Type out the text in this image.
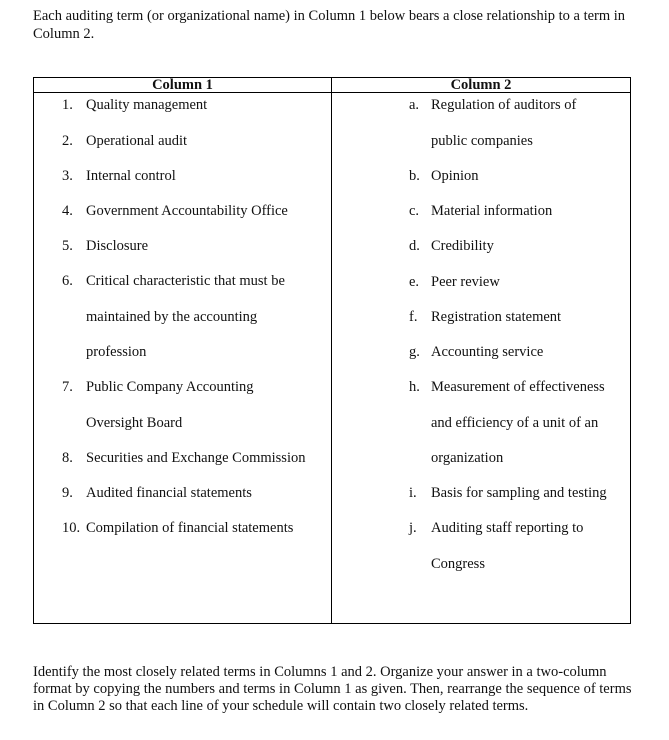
Each auditing term (or organizational name) in Column 1 below bears a close relationship to a term in Column 2.

Column 1	Column 2
1. Quality management
2. Operational audit
3. Internal control
4. Government Accountability Office
5. Disclosure
6. Critical characteristic that must be
maintained by the accounting
profession
7. Public Company Accounting
Oversight Board
8. Securities and Exchange Commission
9. Audited financial statements
10. Compilation of financial statements
a. Regulation of auditors of
public companies
b. Opinion
c. Material information
d. Credibility
e. Peer review
f. Registration statement
g. Accounting service
h. Measurement of effectiveness
and efficiency of a unit of an
organization
i. Basis for sampling and testing
j. Auditing staff reporting to
Congress

Identify the most closely related terms in Columns 1 and 2. Organize your answer in a two-column format by copying the numbers and terms in Column 1 as given. Then, rearrange the sequence of terms in Column 2 so that each line of your schedule will contain two closely related terms.
